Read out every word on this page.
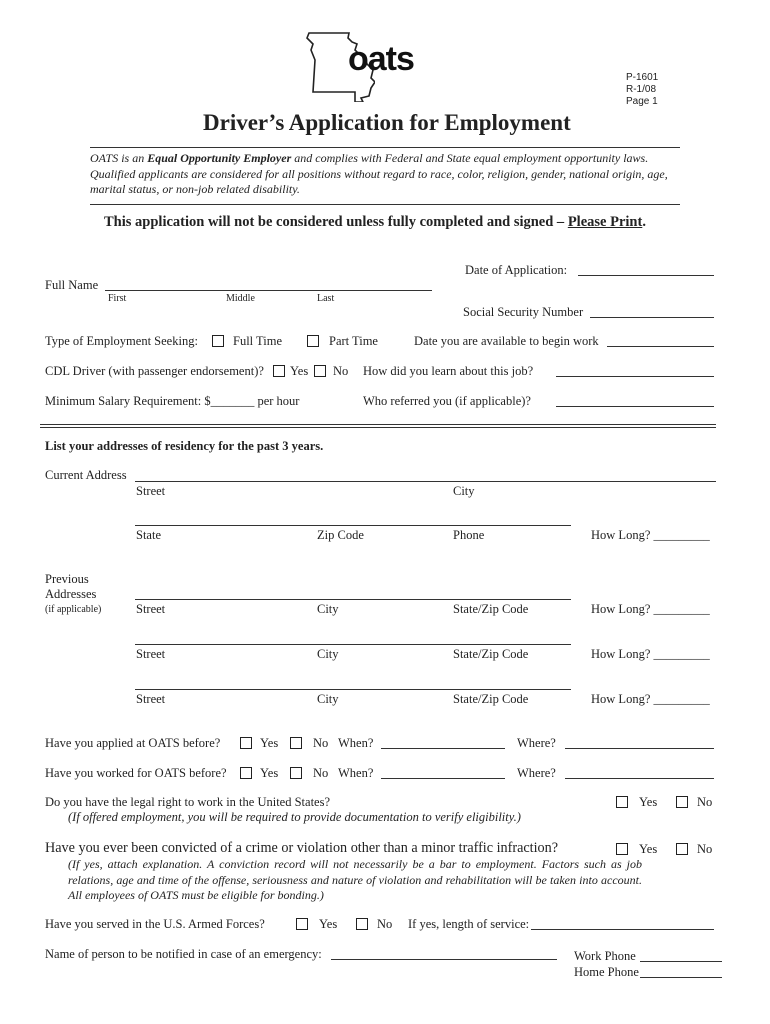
oats	P-1601
R-1/08
Page 1
Driver’s Application for Employment
OATS is an Equal Opportunity Employer and complies with Federal and State equal employment opportunity laws. Qualified applicants are considered for all positions without regard to race, color, religion, gender, national origin, age, marital status, or non-job related disability.
This application will not be considered unless fully completed and signed – Please Print.
Date of Application:
Full Name
First	Middle	Last
Social Security Number
Type of Employment Seeking:	Full Time	Part Time	Date you are available to begin work
CDL Driver (with passenger endorsement)? Yes No How did you learn about this job?
Minimum Salary Requirement: $_______ per hour	Who referred you (if applicable)?
List your addresses of residency for the past 3 years.
Current Address
Street	City
State	Zip Code	Phone	How Long? _________
Previous
Addresses
(if applicable)	Street	City	State/Zip Code	How Long? _________
Street	City	State/Zip Code	How Long? _________
Street	City	State/Zip Code	How Long? _________
Have you applied at OATS before?	Yes	No When?	Where?
Have you worked for OATS before?	Yes	No When?	Where?
Do you have the legal right to work in the United States?	Yes	No
(If offered employment, you will be required to provide documentation to verify eligibility.)
Have you ever been convicted of a crime or violation other than a minor traffic infraction?	Yes	No
(If yes, attach explanation. A conviction record will not necessarily be a bar to employment. Factors such as job relations, age and time of the offense, seriousness and nature of violation and rehabilitation will be taken into account. All employees of OATS must be eligible for bonding.)
Have you served in the U.S. Armed Forces?	Yes	No If yes, length of service:
Name of person to be notified in case of an emergency:	Work Phone
Home Phone
